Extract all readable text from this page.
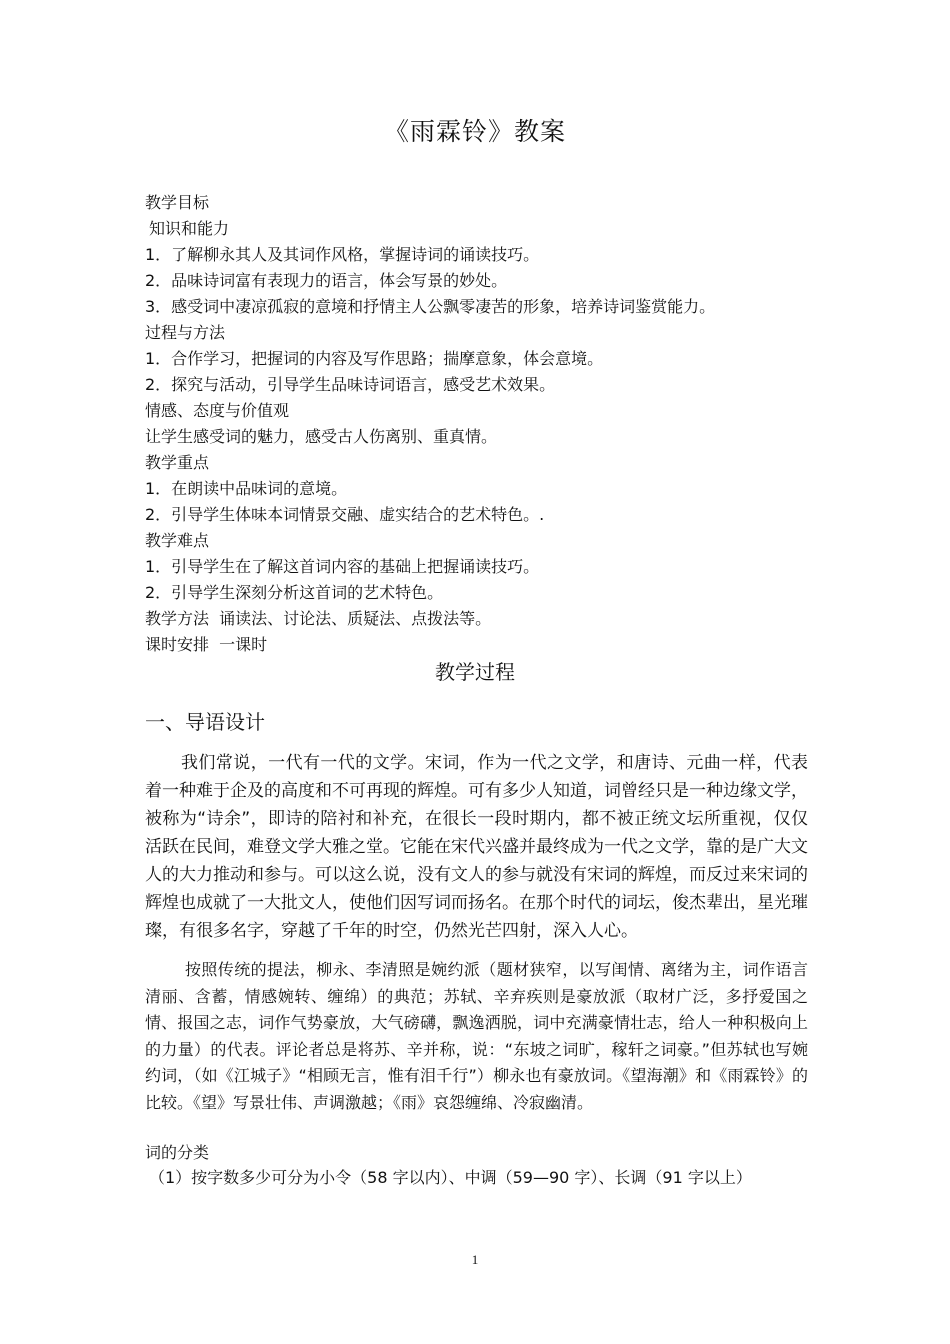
《雨霖铃》教案
教学目标
知识和能力
1．了解柳永其人及其词作风格，掌握诗词的诵读技巧。
2．品味诗词富有表现力的语言，体会写景的妙处。
3．感受词中凄凉孤寂的意境和抒情主人公飘零凄苦的形象，培养诗词鉴赏能力。
过程与方法
1．合作学习，把握词的内容及写作思路；揣摩意象，体会意境。
2．探究与活动，引导学生品味诗词语言，感受艺术效果。
情感、态度与价值观
让学生感受词的魅力，感受古人伤离别、重真情。
教学重点
1．在朗读中品味词的意境。
2．引导学生体味本词情景交融、虚实结合的艺术特色。.
教学难点
1．引导学生在了解这首词内容的基础上把握诵读技巧。
2．引导学生深刻分析这首词的艺术特色。
教学方法  诵读法、讨论法、质疑法、点拨法等。
课时安排  一课时
教学过程
一、导语设计
我们常说，一代有一代的文学。宋词，作为一代之文学，和唐诗、元曲一样，代表着一种难于企及的高度和不可再现的辉煌。可有多少人知道，词曾经只是一种边缘文学，被称为“诗余”，即诗的陪衬和补充，在很长一段时期内，都不被正统文坛所重视，仅仅活跃在民间，难登文学大雅之堂。它能在宋代兴盛并最终成为一代之文学，靠的是广大文人的大力推动和参与。可以这么说，没有文人的参与就没有宋词的辉煌，而反过来宋词的辉煌也成就了一大批文人，使他们因写词而扬名。在那个时代的词坛，俊杰辈出，星光璀璨，有很多名字，穿越了千年的时空，仍然光芒四射，深入人心。
按照传统的提法，柳永、李清照是婉约派（题材狭窄，以写闺情、离绪为主，词作语言清丽、含蓄，情感婉转、缠绵）的典范；苏轼、辛弃疾则是豪放派（取材广泛，多抒爱国之情、报国之志，词作气势豪放，大气磅礴，飘逸洒脱，词中充满豪情壮志，给人一种积极向上的力量）的代表。评论者总是将苏、辛并称，说：“东坡之词旷，稼轩之词豪。”但苏轼也写婉约词，（如《江城子》“相顾无言，惟有泪千行”）柳永也有豪放词。《望海潮》和《雨霖铃》的比较。《望》写景壮伟、声调激越；《雨》哀怨缠绵、冷寂幽清。
词的分类
（1）按字数多少可分为小令（58 字以内）、中调（59—90 字）、长调（91 字以上）
1
